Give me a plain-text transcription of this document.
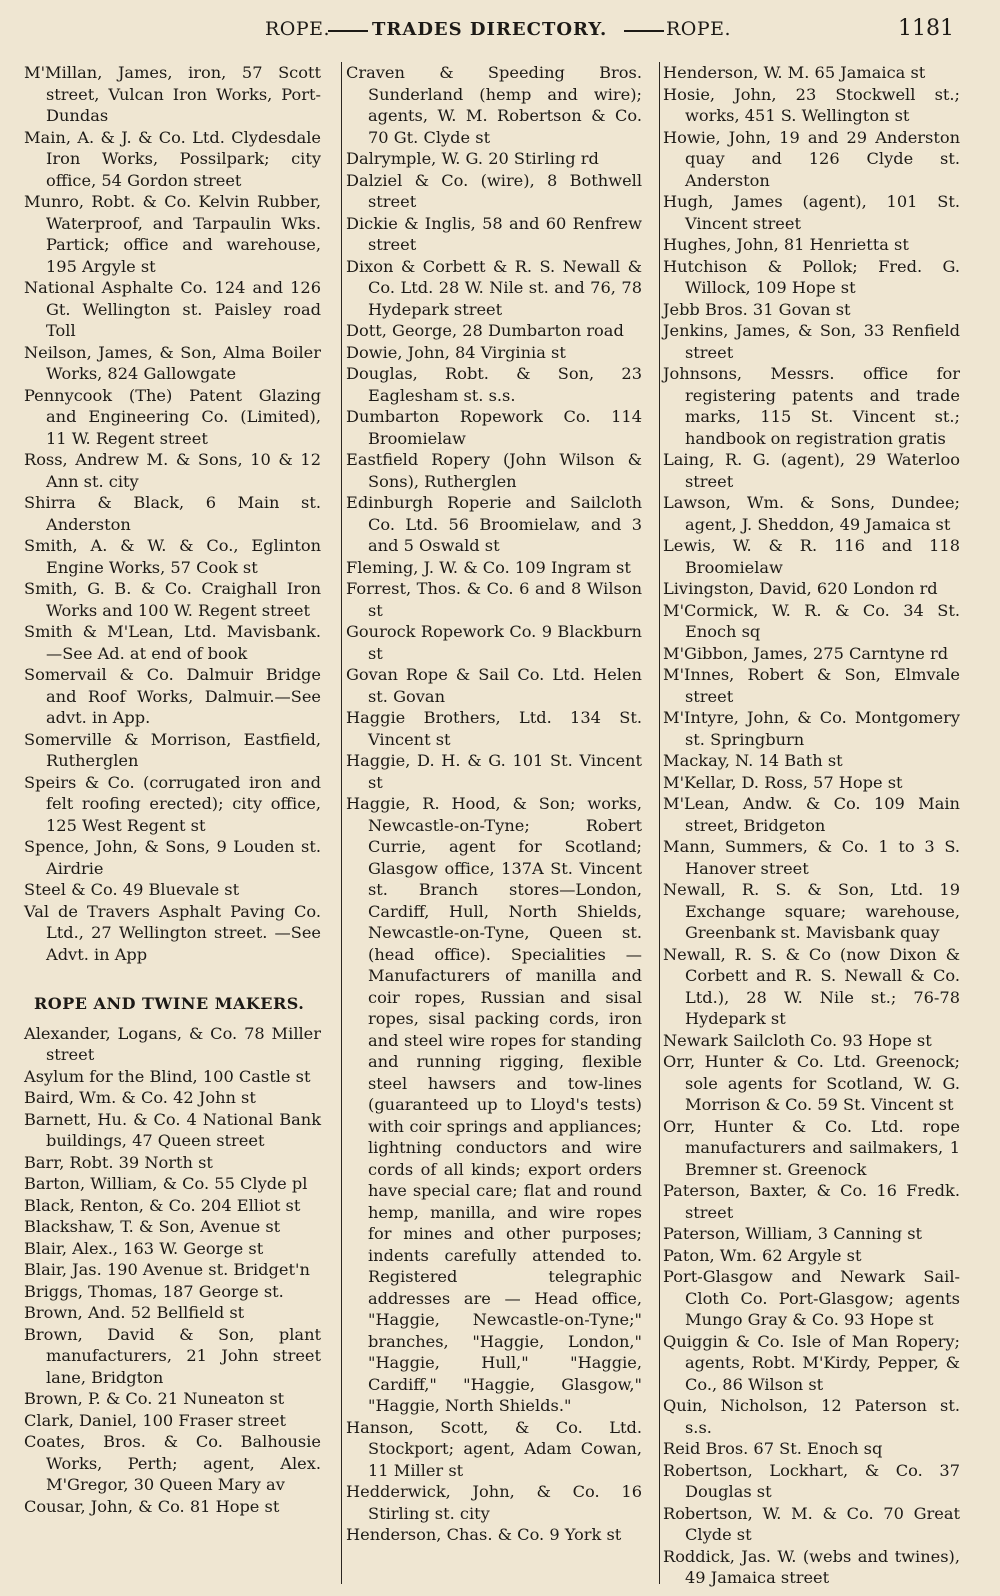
ROPE. TRADES DIRECTORY.	ROPE.	1181

M'Millan, James, iron, 57 Scott street, Vulcan Iron Works, Port-Dundas

Main, A. & J. & Co. Ltd. Clydesdale Iron Works, Possilpark; city office, 54 Gordon street

Munro, Robt. & Co. Kelvin Rubber, Waterproof, and Tarpaulin Wks. Partick; office and warehouse, 195 Argyle st

National Asphalte Co. 124 and 126 Gt. Wellington st. Paisley road Toll

Neilson, James, & Son, Alma Boiler Works, 824 Gallowgate

Pennycook (The) Patent Glazing and Engineering Co. (Limited), 11 W. Regent street

Ross, Andrew M. & Sons, 10 & 12 Ann st. city

Shirra & Black, 6 Main st. Anderston

Smith, A. & W. & Co., Eglinton Engine Works, 57 Cook st

Smith, G. B. & Co. Craighall Iron Works and 100 W. Regent street

Smith & M'Lean, Ltd. Mavisbank. —See Ad. at end of book

Somervail & Co. Dalmuir Bridge and Roof Works, Dalmuir.—See advt. in App.

Somerville & Morrison, Eastfield, Rutherglen

Speirs & Co. (corrugated iron and felt roofing erected); city office, 125 West Regent st

Spence, John, & Sons, 9 Louden st. Airdrie

Steel & Co. 49 Bluevale st

Val de Travers Asphalt Paving Co. Ltd., 27 Wellington street. —See Advt. in App

ROPE AND TWINE MAKERS.

Alexander, Logans, & Co. 78 Miller street

Asylum for the Blind, 100 Castle st

Baird, Wm. & Co. 42 John st

Barnett, Hu. & Co. 4 National Bank buildings, 47 Queen street

Barr, Robt. 39 North st

Barton, William, & Co. 55 Clyde pl

Black, Renton, & Co. 204 Elliot st

Blackshaw, T. & Son, Avenue st

Blair, Alex., 163 W. George st

Blair, Jas. 190 Avenue st. Bridget'n

Briggs, Thomas, 187 George st.

Brown, And. 52 Bellfield st

Brown, David & Son, plant manufacturers, 21 John street lane, Bridgton

Brown, P. & Co. 21 Nuneaton st

Clark, Daniel, 100 Fraser street

Coates, Bros. & Co. Balhousie Works, Perth; agent, Alex. M'Gregor, 30 Queen Mary av

Cousar, John, & Co. 81 Hope st

Craven & Speeding Bros. Sunderland (hemp and wire); agents, W. M. Robertson & Co. 70 Gt. Clyde st

Dalrymple, W. G. 20 Stirling rd

Dalziel & Co. (wire), 8 Bothwell street

Dickie & Inglis, 58 and 60 Renfrew street

Dixon & Corbett & R. S. Newall & Co. Ltd. 28 W. Nile st. and 76, 78 Hydepark street

Dott, George, 28 Dumbarton road

Dowie, John, 84 Virginia st

Douglas, Robt. & Son, 23 Eaglesham st. s.s.

Dumbarton Ropework Co. 114 Broomielaw

Eastfield Ropery (John Wilson & Sons), Rutherglen

Edinburgh Roperie and Sailcloth Co. Ltd. 56 Broomielaw, and 3 and 5 Oswald st

Fleming, J. W. & Co. 109 Ingram st

Forrest, Thos. & Co. 6 and 8 Wilson st

Gourock Ropework Co. 9 Blackburn st

Govan Rope & Sail Co. Ltd. Helen st. Govan

Haggie Brothers, Ltd. 134 St. Vincent st

Haggie, D. H. & G. 101 St. Vincent st

Haggie, R. Hood, & Son; works, Newcastle-on-Tyne; Robert Currie, agent for Scotland; Glasgow office, 137A St. Vincent st. Branch stores—London, Cardiff, Hull, North Shields, Newcastle-on-Tyne, Queen st. (head office). Specialities — Manufacturers of manilla and coir ropes, Russian and sisal ropes, sisal packing cords, iron and steel wire ropes for standing and running rigging, flexible steel hawsers and tow-lines (guaranteed up to Lloyd's tests) with coir springs and appliances; lightning conductors and wire cords of all kinds; export orders have special care; flat and round hemp, manilla, and wire ropes for mines and other purposes; indents carefully attended to. Registered telegraphic addresses are — Head office, "Haggie, Newcastle-on-Tyne;" branches, "Haggie, London," "Haggie, Hull," "Haggie, Cardiff," "Haggie, Glasgow," "Haggie, North Shields."

Hanson, Scott, & Co. Ltd. Stockport; agent, Adam Cowan, 11 Miller st

Hedderwick, John, & Co. 16 Stirling st. city

Henderson, Chas. & Co. 9 York st

Henderson, W. M. 65 Jamaica st

Hosie, John, 23 Stockwell st.; works, 451 S. Wellington st

Howie, John, 19 and 29 Anderston quay and 126 Clyde st. Anderston

Hugh, James (agent), 101 St. Vincent street

Hughes, John, 81 Henrietta st

Hutchison & Pollok; Fred. G. Willock, 109 Hope st

Jebb Bros. 31 Govan st

Jenkins, James, & Son, 33 Renfield street

Johnsons, Messrs. office for registering patents and trade marks, 115 St. Vincent st.; handbook on registration gratis

Laing, R. G. (agent), 29 Waterloo street

Lawson, Wm. & Sons, Dundee; agent, J. Sheddon, 49 Jamaica st

Lewis, W. & R. 116 and 118 Broomielaw

Livingston, David, 620 London rd

M'Cormick, W. R. & Co. 34 St. Enoch sq

M'Gibbon, James, 275 Carntyne rd

M'Innes, Robert & Son, Elmvale street

M'Intyre, John, & Co. Montgomery st. Springburn

Mackay, N. 14 Bath st

M'Kellar, D. Ross, 57 Hope st

M'Lean, Andw. & Co. 109 Main street, Bridgeton

Mann, Summers, & Co. 1 to 3 S. Hanover street

Newall, R. S. & Son, Ltd. 19 Exchange square; warehouse, Greenbank st. Mavisbank quay

Newall, R. S. & Co (now Dixon & Corbett and R. S. Newall & Co. Ltd.), 28 W. Nile st.; 76-78 Hydepark st

Newark Sailcloth Co. 93 Hope st

Orr, Hunter & Co. Ltd. Greenock; sole agents for Scotland, W. G. Morrison & Co. 59 St. Vincent st

Orr, Hunter & Co. Ltd. rope manufacturers and sailmakers, 1 Bremner st. Greenock

Paterson, Baxter, & Co. 16 Fredk. street

Paterson, William, 3 Canning st

Paton, Wm. 62 Argyle st

Port-Glasgow and Newark Sail-Cloth Co. Port-Glasgow; agents Mungo Gray & Co. 93 Hope st

Quiggin & Co. Isle of Man Ropery; agents, Robt. M'Kirdy, Pepper, & Co., 86 Wilson st

Quin, Nicholson, 12 Paterson st. s.s.

Reid Bros. 67 St. Enoch sq

Robertson, Lockhart, & Co. 37 Douglas st

Robertson, W. M. & Co. 70 Great Clyde st

Roddick, Jas. W. (webs and twines), 49 Jamaica street
